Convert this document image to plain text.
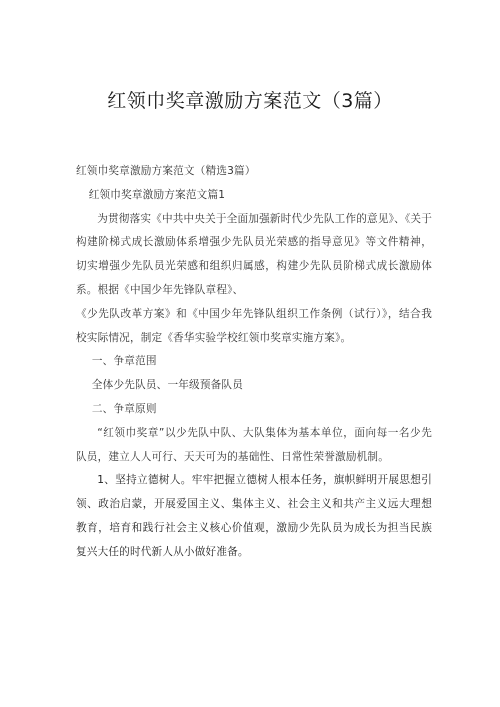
红领巾奖章激励方案范文（3篇）

红领巾奖章激励方案范文（精选3篇）

红领巾奖章激励方案范文篇1

为贯彻落实《中共中央关于全面加强新时代少先队工作的意见》、《关于构建阶梯式成长激励体系增强少先队员光荣感的指导意见》等文件精神，切实增强少先队员光荣感和组织归属感，构建少先队员阶梯式成长激励体系。根据《中国少年先锋队章程》、

《少先队改革方案》和《中国少年先锋队组织工作条例（试行）》，结合我校实际情况，制定《香华实验学校红领巾奖章实施方案》。

一、争章范围

全体少先队员、一年级预备队员

二、争章原则

“红领巾奖章”以少先队中队、大队集体为基本单位，面向每一名少先队员，建立人人可行、天天可为的基础性、日常性荣誉激励机制。

1、坚持立德树人。牢牢把握立德树人根本任务，旗帜鲜明开展思想引领、政治启蒙，开展爱国主义、集体主义、社会主义和共产主义远大理想教育，培育和践行社会主义核心价值观，激励少先队员为成长为担当民族复兴大任的时代新人从小做好准备。
